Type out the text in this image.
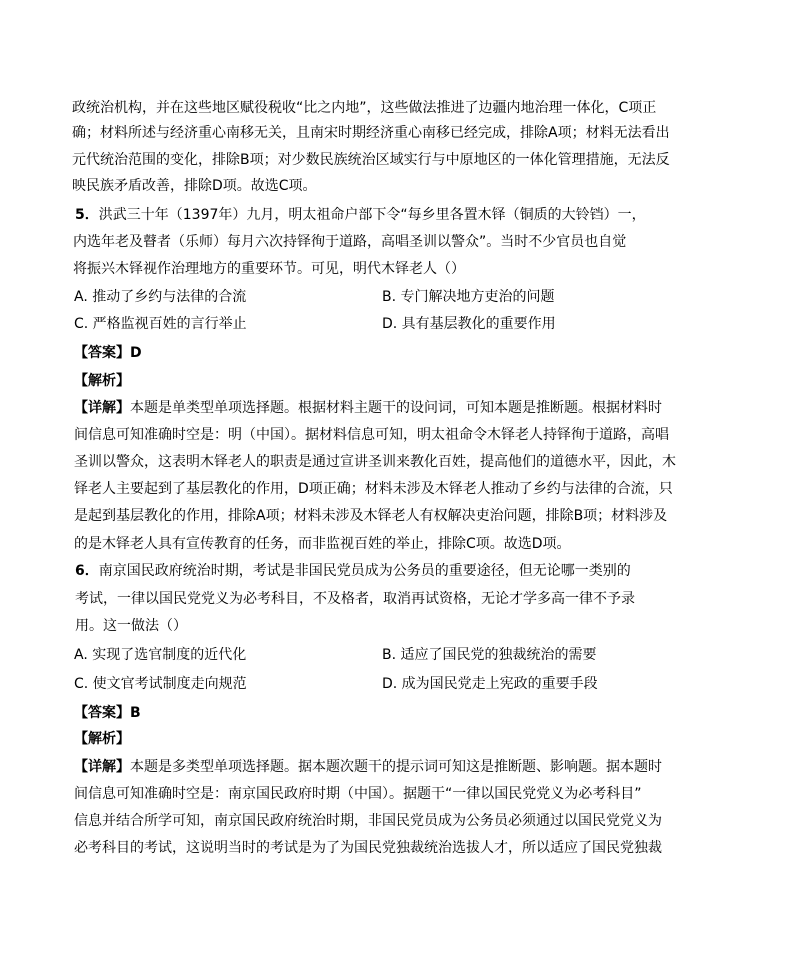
政统治机构，并在这些地区赋役税收“比之内地”，这些做法推进了边疆内地治理一体化，C项正
确；材料所述与经济重心南移无关，且南宋时期经济重心南移已经完成，排除A项；材料无法看出
元代统治范围的变化，排除B项；对少数民族统治区域实行与中原地区的一体化管理措施，无法反
映民族矛盾改善，排除D项。故选C项。
5．洪武三十年（1397年）九月，明太祖命户部下令“每乡里各置木铎（铜质的大铃铛）一，
内选年老及瞽者（乐师）每月六次持铎徇于道路，高唱圣训以警众”。当时不少官员也自觉
将振兴木铎视作治理地方的重要环节。可见，明代木铎老人（）
A. 推动了乡约与法律的合流	B. 专门解决地方吏治的问题
C. 严格监视百姓的言行举止	D. 具有基层教化的重要作用
【答案】D
【解析】
【详解】本题是单类型单项选择题。根据材料主题干的设问词，可知本题是推断题。根据材料时
间信息可知准确时空是：明（中国）。据材料信息可知，明太祖命令木铎老人持铎徇于道路，高唱
圣训以警众，这表明木铎老人的职责是通过宣讲圣训来教化百姓，提高他们的道德水平，因此，木
铎老人主要起到了基层教化的作用，D项正确；材料未涉及木铎老人推动了乡约与法律的合流，只
是起到基层教化的作用，排除A项；材料未涉及木铎老人有权解决吏治问题，排除B项；材料涉及
的是木铎老人具有宣传教育的任务，而非监视百姓的举止，排除C项。故选D项。
6．南京国民政府统治时期，考试是非国民党员成为公务员的重要途径，但无论哪一类别的
考试，一律以国民党党义为必考科目，不及格者，取消再试资格，无论才学多高一律不予录
用。这一做法（）
A. 实现了选官制度的近代化	B. 适应了国民党的独裁统治的需要
C. 使文官考试制度走向规范	D. 成为国民党走上宪政的重要手段
【答案】B
【解析】
【详解】本题是多类型单项选择题。据本题次题干的提示词可知这是推断题、影响题。据本题时
间信息可知准确时空是：南京国民政府时期（中国）。据题干“一律以国民党党义为必考科目”
信息并结合所学可知，南京国民政府统治时期，非国民党员成为公务员必须通过以国民党党义为
必考科目的考试，这说明当时的考试是为了为国民党独裁统治选拔人才，所以适应了国民党独裁
